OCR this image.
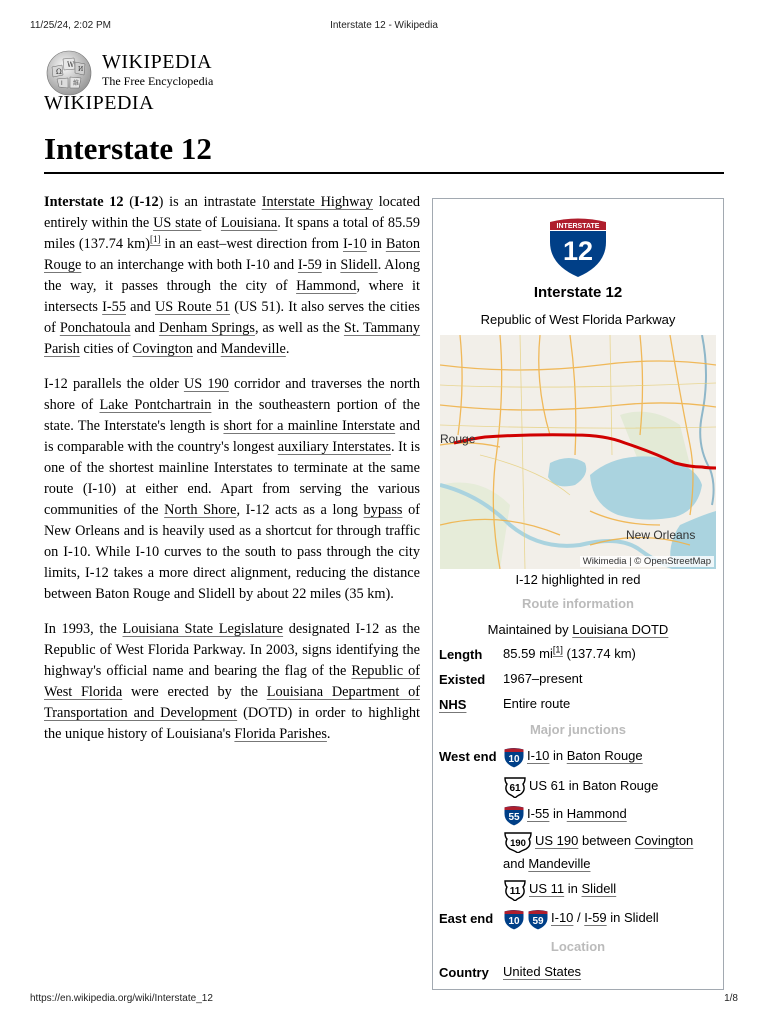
11/25/24, 2:02 PM	Interstate 12 - Wikipedia
Ω
W
И
ا 維
WIKIPEDIA
The Free Encyclopedia
WIKIPEDIA
Interstate 12

Interstate 12 (I-12) is an intrastate Interstate Highway located entirely within the US state of Louisiana. It spans a total of 85.59 miles (137.74 km)[1] in an east–west direction from I-10 in Baton Rouge to an interchange with both I-10 and I-59 in Slidell. Along the way, it passes through the city of Hammond, where it intersects I-55 and US Route 51 (US 51). It also serves the cities of Ponchatoula and Denham Springs, as well as the St. Tammany Parish cities of Covington and Mandeville.

I-12 parallels the older US 190 corridor and traverses the north shore of Lake Pontchartrain in the southeastern portion of the state. The Interstate's length is short for a mainline Interstate and is comparable with the country's longest auxiliary Interstates. It is one of the shortest mainline Interstates to terminate at the same route (I-10) at either end. Apart from serving the various communities of the North Shore, I-12 acts as a long bypass of New Orleans and is heavily used as a shortcut for through traffic on I-10. While I-10 curves to the south to pass through the city limits, I-12 takes a more direct alignment, reducing the distance between Baton Rouge and Slidell by about 22 miles (35 km).

In 1993, the Louisiana State Legislature designated I-12 as the Republic of West Florida Parkway. In 2003, signs identifying the highway's official name and bearing the flag of the Republic of West Florida were erected by the Louisiana Department of Transportation and Development (DOTD) in order to highlight the unique history of Louisiana's Florida Parishes.

INTERSTATE
12
Interstate 12
Republic of West Florida Parkway
Rouge
New Orleans
Wikimedia | © OpenStreetMap
I-12 highlighted in red
Route information
Maintained by Louisiana DOTD
Length 85.59 mi[1] (137.74 km)
Existed 1967–present
NHS	Entire route
Major junctions
West end 10 I-10 in Baton Rouge
61 US 61 in Baton Rouge
55 I-55 in Hammond
190 US 190 between Covington
and Mandeville
11 US 11 in Slidell
East end 10 59 I-10 / I-59 in Slidell
Location
Country United States
https://en.wikipedia.org/wiki/Interstate_12	1/8
